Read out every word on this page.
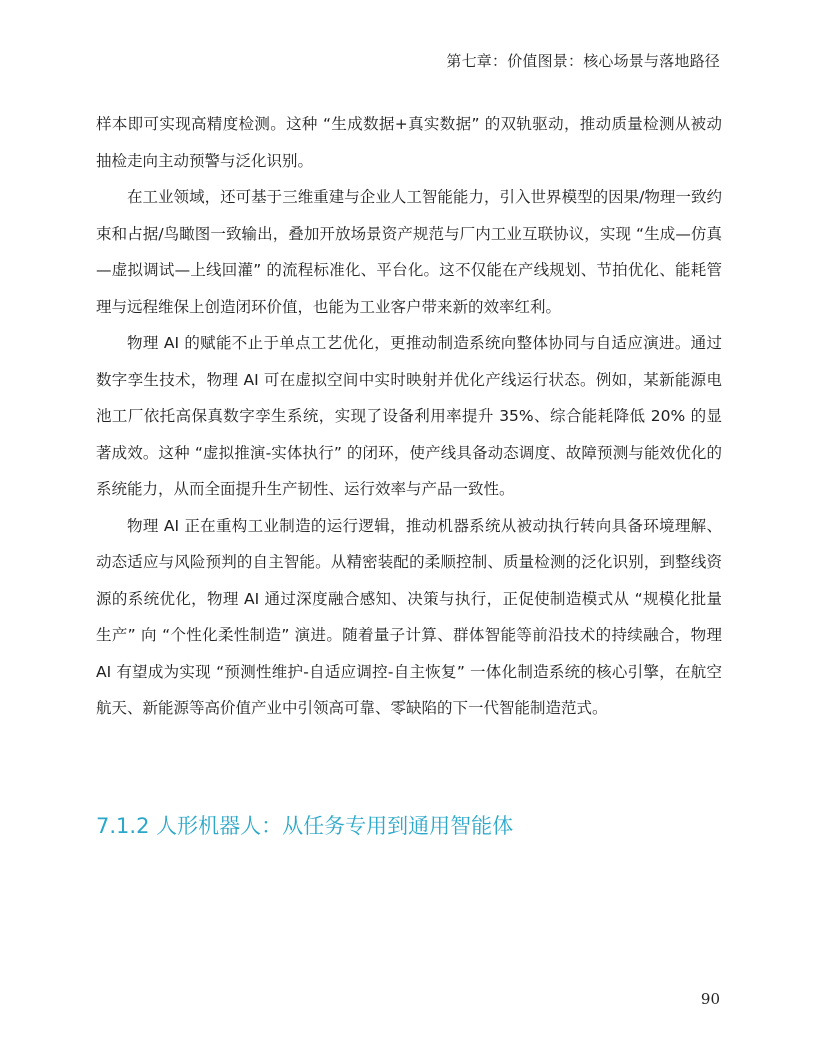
第七章：价值图景：核心场景与落地路径

样本即可实现高精度检测。这种 “生成数据+真实数据” 的双轨驱动，推动质量检测从被动抽检走向主动预警与泛化识别。

在工业领域，还可基于三维重建与企业人工智能能力，引入世界模型的因果/物理一致约束和占据/鸟瞰图一致输出，叠加开放场景资产规范与厂内工业互联协议，实现 “生成—仿真—虚拟调试—上线回灌” 的流程标准化、平台化。这不仅能在产线规划、节拍优化、能耗管理与远程维保上创造闭环价值，也能为工业客户带来新的效率红利。

物理 AI 的赋能不止于单点工艺优化，更推动制造系统向整体协同与自适应演进。通过数字孪生技术，物理 AI 可在虚拟空间中实时映射并优化产线运行状态。例如，某新能源电池工厂依托高保真数字孪生系统，实现了设备利用率提升 35%、综合能耗降低 20% 的显著成效。这种 “虚拟推演-实体执行” 的闭环，使产线具备动态调度、故障预测与能效优化的系统能力，从而全面提升生产韧性、运行效率与产品一致性。

物理 AI 正在重构工业制造的运行逻辑，推动机器系统从被动执行转向具备环境理解、动态适应与风险预判的自主智能。从精密装配的柔顺控制、质量检测的泛化识别，到整线资源的系统优化，物理 AI 通过深度融合感知、决策与执行，正促使制造模式从 “规模化批量生产” 向 “个性化柔性制造” 演进。随着量子计算、群体智能等前沿技术的持续融合，物理 AI 有望成为实现 “预测性维护-自适应调控-自主恢复” 一体化制造系统的核心引擎，在航空航天、新能源等高价值产业中引领高可靠、零缺陷的下一代智能制造范式。

7.1.2 人形机器人：从任务专用到通用智能体
90
